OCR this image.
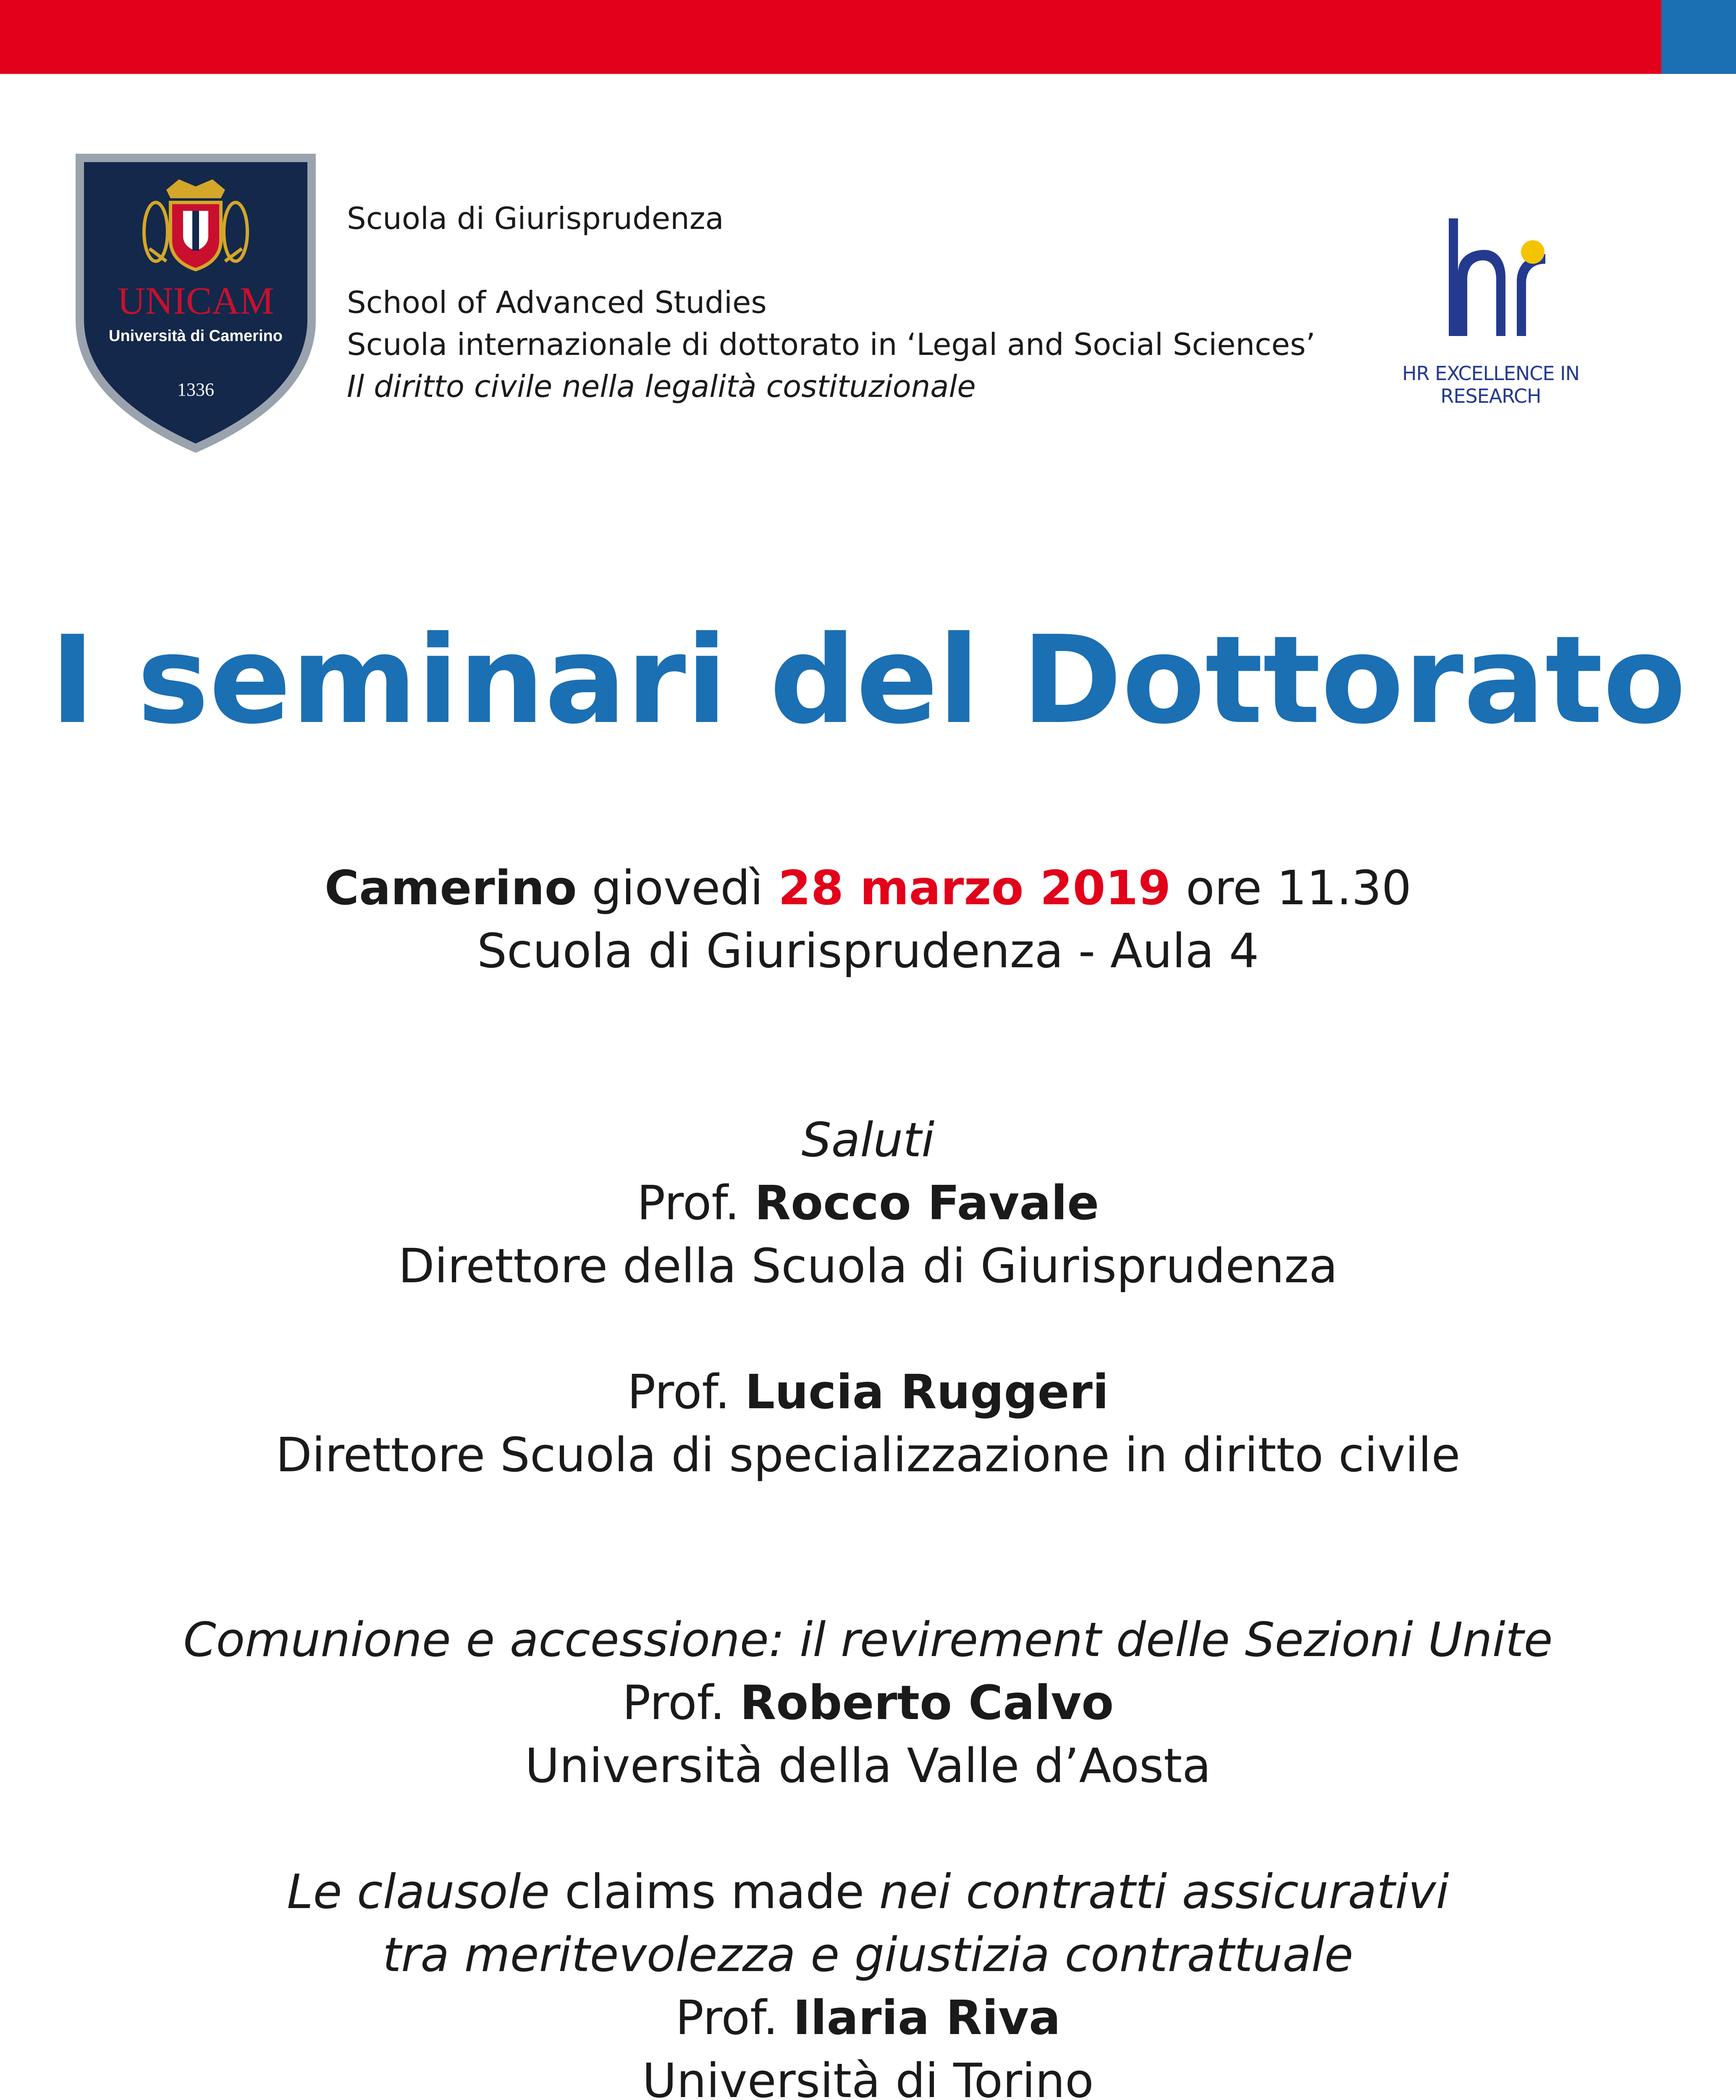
UNICAM
Università di Camerino
1336
Scuola di Giurisprudenza
School of Advanced Studies
Scuola internazionale di dottorato in ‘Legal and Social Sciences’
Il diritto civile nella legalità costituzionale	HR EXCELLENCE IN RESEARCH
I seminari del Dottorato
Camerino giovedì 28 marzo 2019 ore 11.30
Scuola di Giurisprudenza - Aula 4
Saluti
Prof. Rocco Favale
Direttore della Scuola di Giurisprudenza
Prof. Lucia Ruggeri
Direttore Scuola di specializzazione in diritto civile
Comunione e accessione: il revirement delle Sezioni Unite
Prof. Roberto Calvo
Università della Valle d’Aosta
Le clausole claims made nei contratti assicurativi
tra meritevolezza e giustizia contrattuale
Prof. Ilaria Riva
Università di Torino
